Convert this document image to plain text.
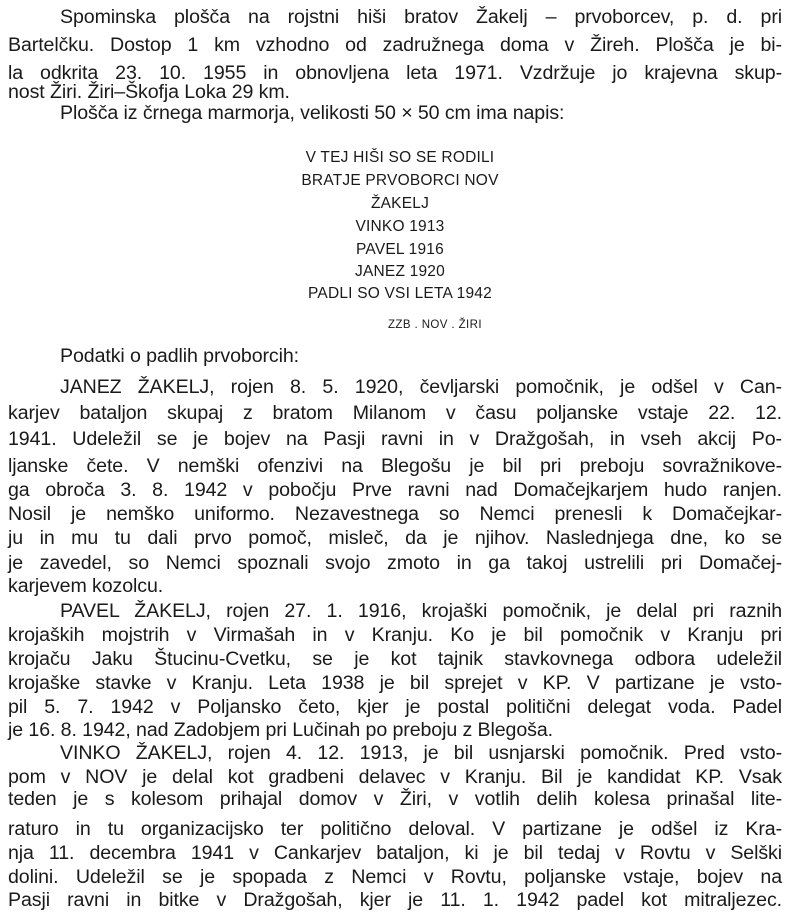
Spominska plošča na rojstni hiši bratov Žakelj – prvoborcev, p. d. pri
Bartelčku. Dostop 1 km vzhodno od zadružnega doma v Žireh. Plošča je bi-
la odkrita 23. 10. 1955 in obnovljena leta 1971. Vzdržuje jo krajevna skup-
nost Žiri. Žiri–Škofja Loka 29 km.
Plošča iz črnega marmorja, velikosti 50 × 50 cm ima napis:
V TEJ HIŠI SO SE RODILI
BRATJE PRVOBORCI NOV
ŽAKELJ
VINKO 1913
PAVEL 1916
JANEZ 1920
PADLI SO VSI LETA 1942
ZZB . NOV . ŽIRI
Podatki o padlih prvoborcih:
JANEZ ŽAKELJ, rojen 8. 5. 1920, čevljarski pomočnik, je odšel v Can-
karjev bataljon skupaj z bratom Milanom v času poljanske vstaje 22. 12.
1941. Udeležil se je bojev na Pasji ravni in v Dražgošah, in vseh akcij Po-
ljanske čete. V nemški ofenzivi na Blegošu je bil pri preboju sovražnikove-
ga obroča 3. 8. 1942 v pobočju Prve ravni nad Domačejkarjem hudo ranjen.
Nosil je nemško uniformo. Nezavestnega so Nemci prenesli k Domačejkar-
ju in mu tu dali prvo pomoč, misleč, da je njihov. Naslednjega dne, ko se
je zavedel, so Nemci spoznali svojo zmoto in ga takoj ustrelili pri Domačej-
karjevem kozolcu.
PAVEL ŽAKELJ, rojen 27. 1. 1916, krojaški pomočnik, je delal pri raznih
krojaških mojstrih v Virmašah in v Kranju. Ko je bil pomočnik v Kranju pri
krojaču Jaku Štucinu-Cvetku, se je kot tajnik stavkovnega odbora udeležil
krojaške stavke v Kranju. Leta 1938 je bil sprejet v KP. V partizane je vsto-
pil 5. 7. 1942 v Poljansko četo, kjer je postal politični delegat voda. Padel
je 16. 8. 1942, nad Zadobjem pri Lučinah po preboju z Blegoša.
VINKO ŽAKELJ, rojen 4. 12. 1913, je bil usnjarski pomočnik. Pred vsto-
pom v NOV je delal kot gradbeni delavec v Kranju. Bil je kandidat KP. Vsak
teden je s kolesom prihajal domov v Žiri, v votlih delih kolesa prinašal lite-
raturo in tu organizacijsko ter politično deloval. V partizane je odšel iz Kra-
nja 11. decembra 1941 v Cankarjev bataljon, ki je bil tedaj v Rovtu v Selški
dolini. Udeležil se je spopada z Nemci v Rovtu, poljanske vstaje, bojev na
Pasji ravni in bitke v Dražgošah, kjer je 11. 1. 1942 padel kot mitraljezec.
